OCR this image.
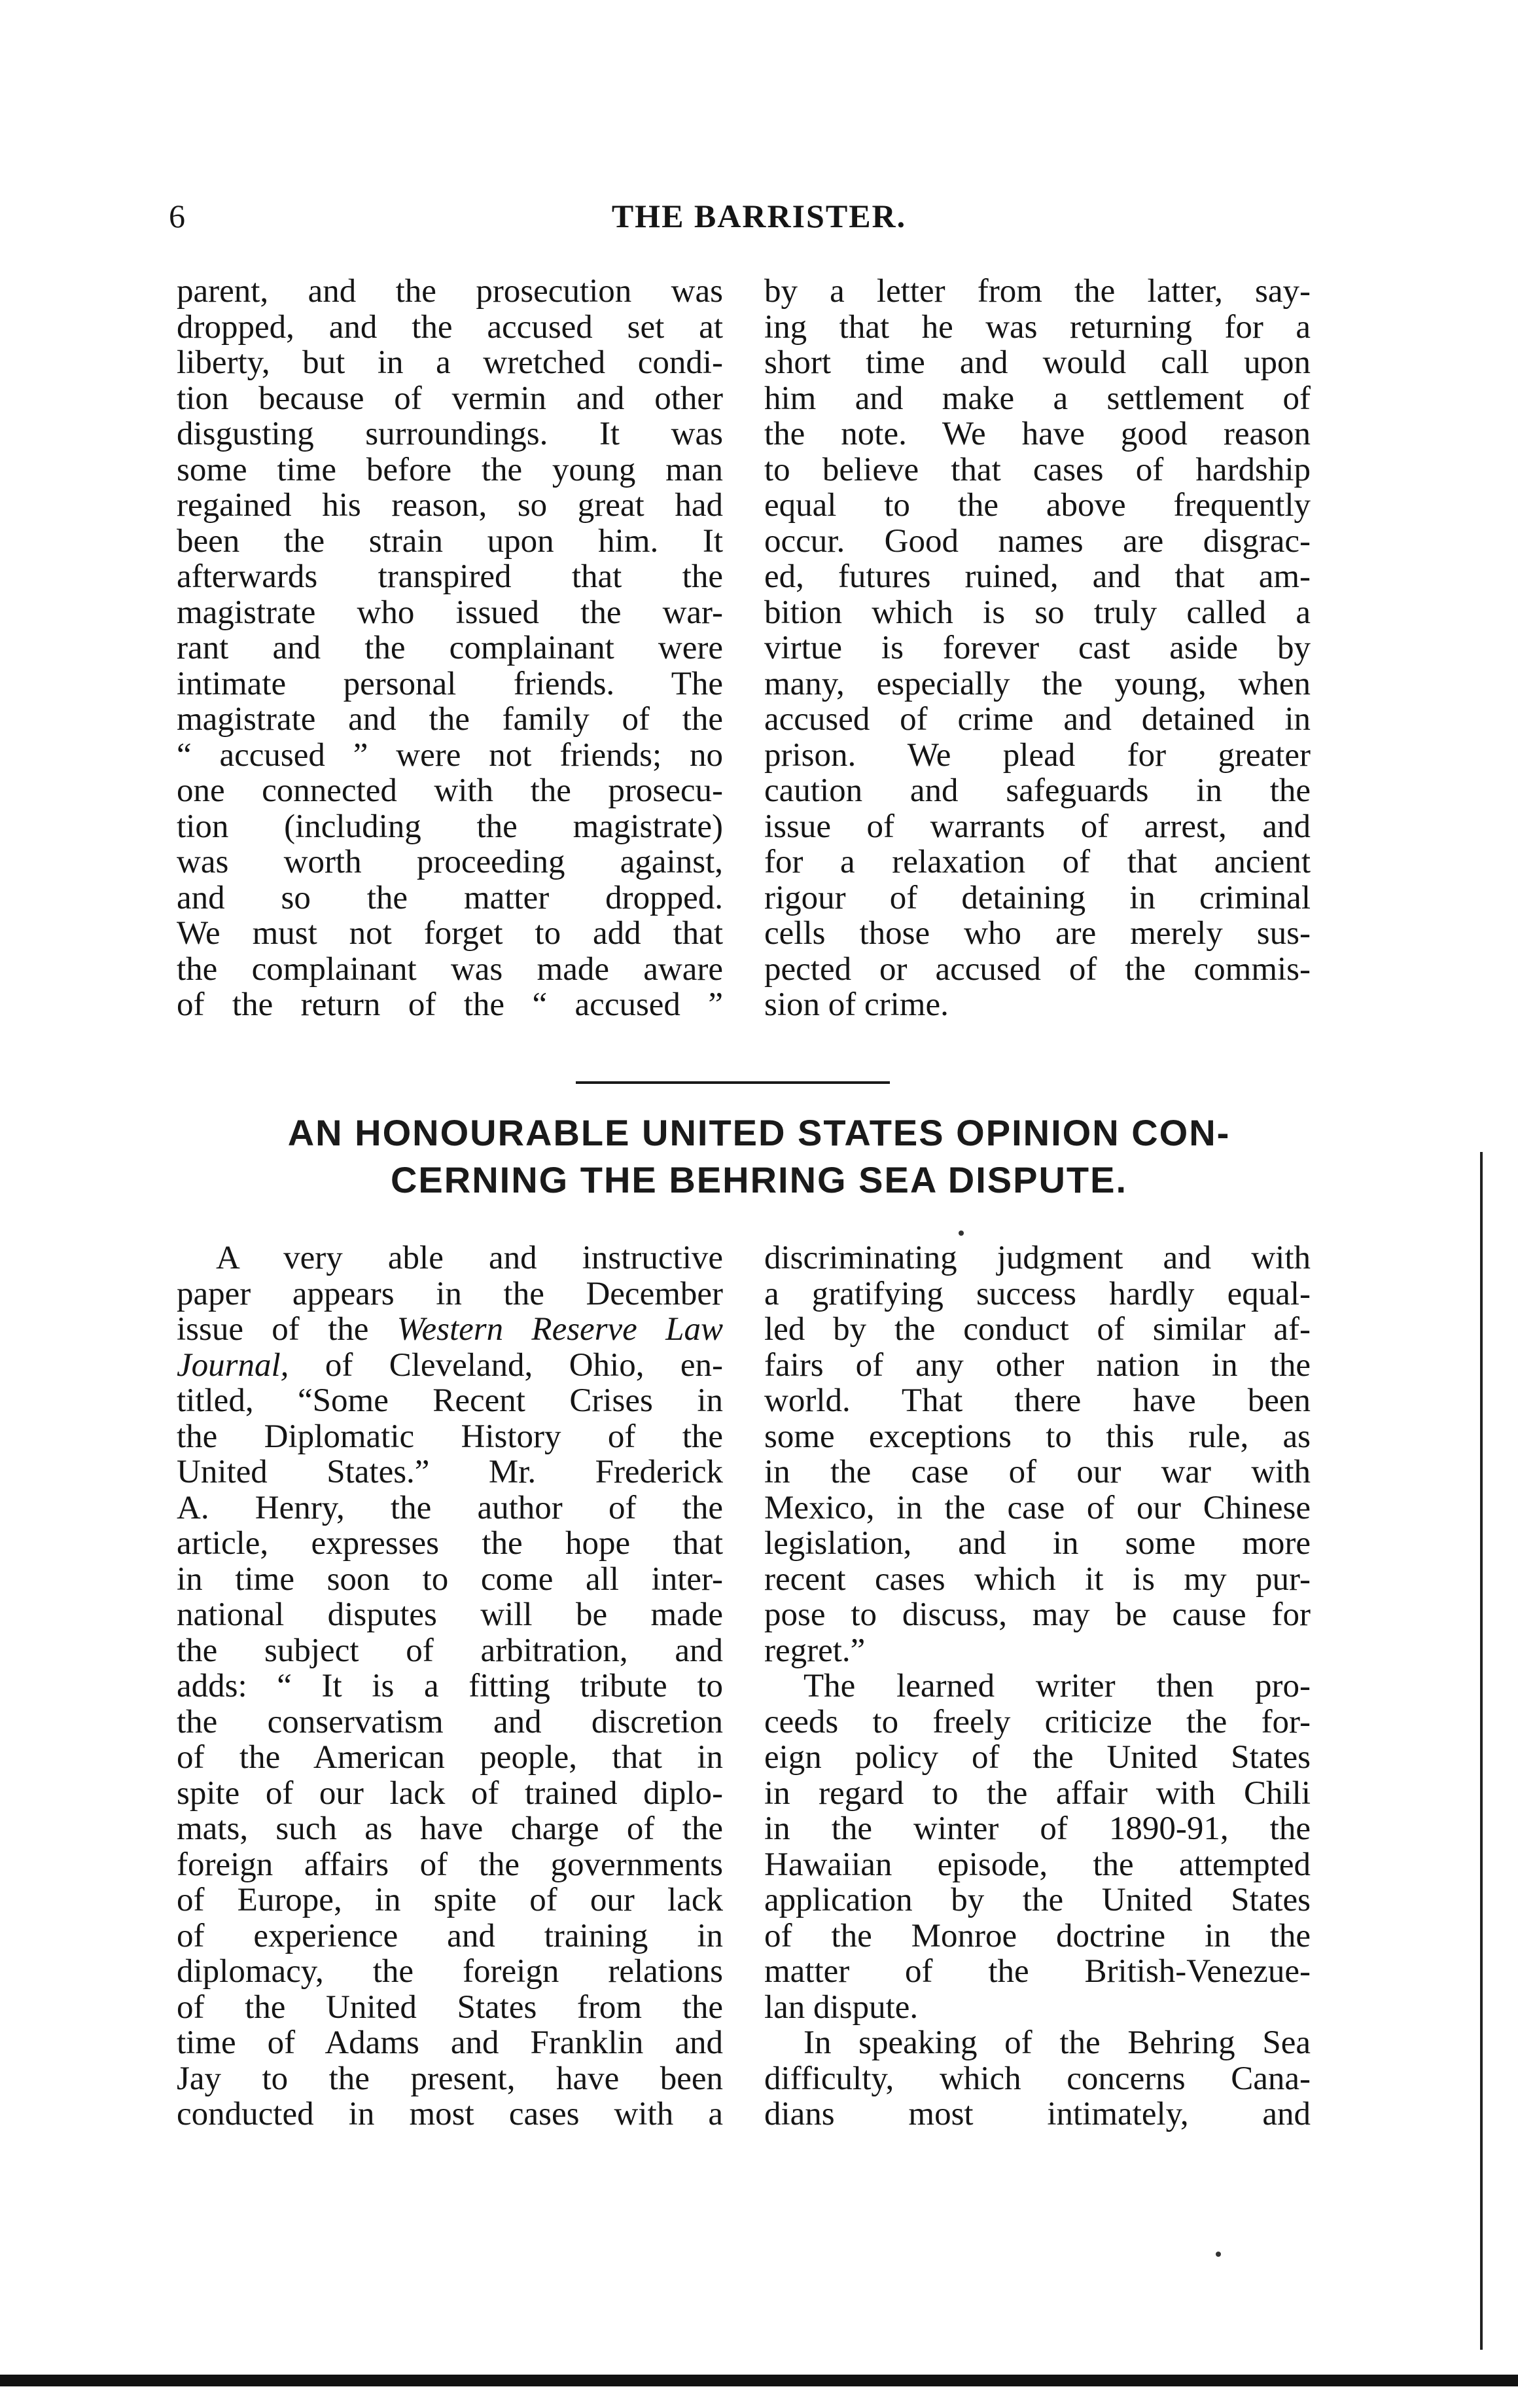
6	THE BARRISTER.
parent, and the prosecution was
dropped, and the accused set at
liberty, but in a wretched condi-
tion because of vermin and other
disgusting surroundings. It was
some time before the young man
regained his reason, so great had
been the strain upon him. It
afterwards transpired that the
magistrate who issued the war-
rant and the complainant were
intimate personal friends. The
magistrate and the family of the
“ accused ” were not friends; no
one connected with the prosecu-
tion (including the magistrate)
was worth proceeding against,
and so the matter dropped.
We must not forget to add that
the complainant was made aware
of the return of the “ accused ”
by a letter from the latter, say-
ing that he was returning for a
short time and would call upon
him and make a settlement of
the note. We have good reason
to believe that cases of hardship
equal to the above frequently
occur. Good names are disgrac-
ed, futures ruined, and that am-
bition which is so truly called a
virtue is forever cast aside by
many, especially the young, when
accused of crime and detained in
prison. We plead for greater
caution and safeguards in the
issue of warrants of arrest, and
for a relaxation of that ancient
rigour of detaining in criminal
cells those who are merely sus-
pected or accused of the commis-
sion of crime.
AN HONOURABLE UNITED STATES OPINION CON-
CERNING THE BEHRING SEA DISPUTE.
A very able and instructive
paper appears in the December
issue of the Western Reserve Law
Journal, of Cleveland, Ohio, en-
titled, “Some Recent Crises in
the Diplomatic History of the
United States.” Mr. Frederick
A. Henry, the author of the
article, expresses the hope that
in time soon to come all inter-
national disputes will be made
the subject of arbitration, and
adds: “ It is a fitting tribute to
the conservatism and discretion
of the American people, that in
spite of our lack of trained diplo-
mats, such as have charge of the
foreign affairs of the governments
of Europe, in spite of our lack
of experience and training in
diplomacy, the foreign relations
of the United States from the
time of Adams and Franklin and
Jay to the present, have been
conducted in most cases with a
discriminating judgment and with
a gratifying success hardly equal-
led by the conduct of similar af-
fairs of any other nation in the
world. That there have been
some exceptions to this rule, as
in the case of our war with
Mexico, in the case of our Chinese
legislation, and in some more
recent cases which it is my pur-
pose to discuss, may be cause for
regret.”
The learned writer then pro-
ceeds to freely criticize the for-
eign policy of the United States
in regard to the affair with Chili
in the winter of 1890-91, the
Hawaiian episode, the attempted
application by the United States
of the Monroe doctrine in the
matter of the British-Venezue-
lan dispute.
In speaking of the Behring Sea
difficulty, which concerns Cana-
dians most intimately, and
